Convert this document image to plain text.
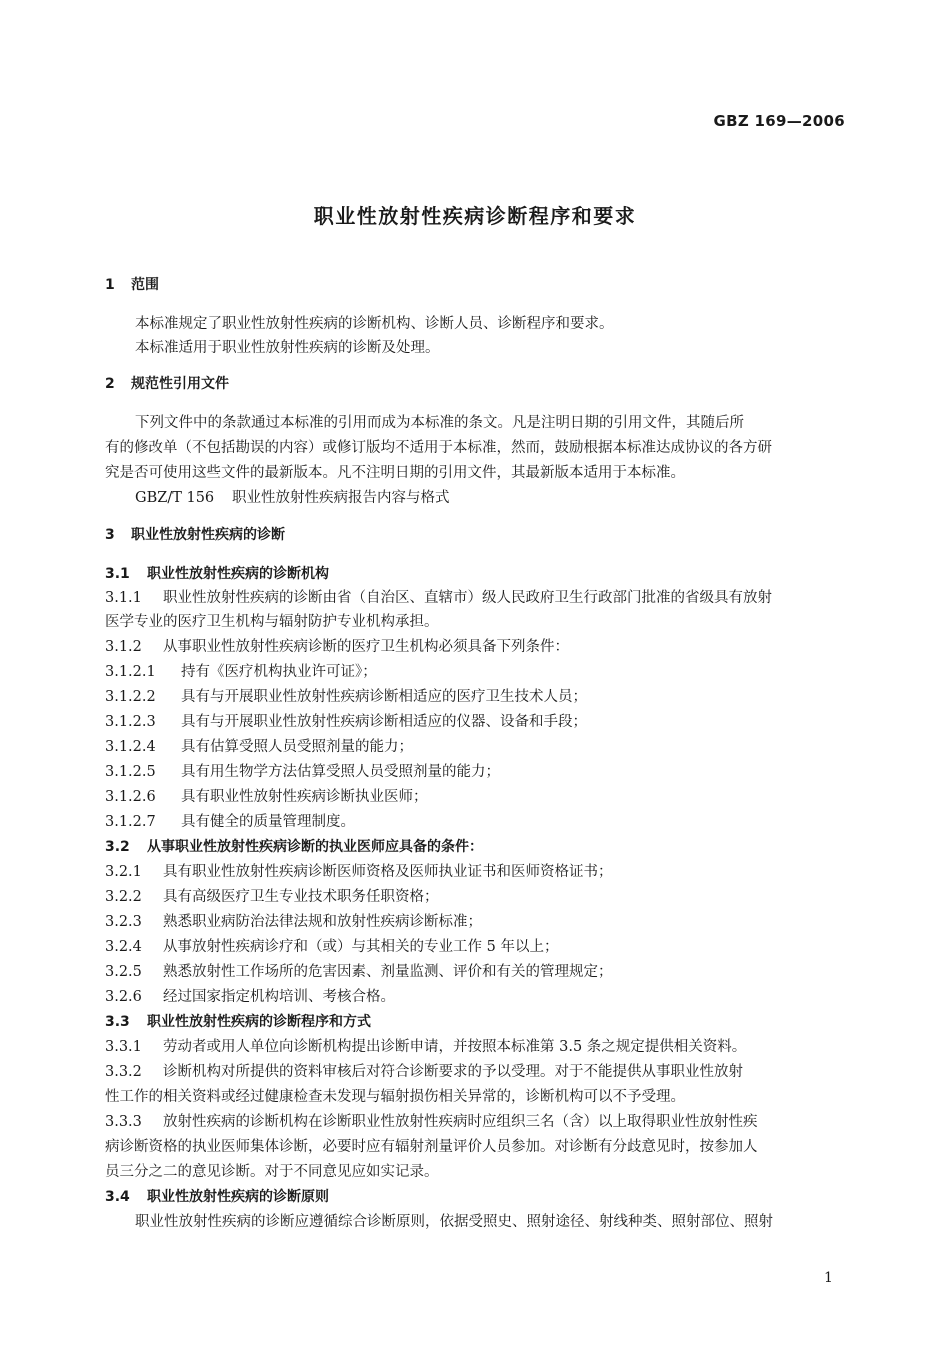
GBZ 169—2006
职业性放射性疾病诊断程序和要求
1 范围
本标准规定了职业性放射性疾病的诊断机构、诊断人员、诊断程序和要求。
本标准适用于职业性放射性疾病的诊断及处理。
2 规范性引用文件
下列文件中的条款通过本标准的引用而成为本标准的条文。凡是注明日期的引用文件，其随后所
有的修改单（不包括勘误的内容）或修订版均不适用于本标准，然而，鼓励根据本标准达成协议的各方研
究是否可使用这些文件的最新版本。凡不注明日期的引用文件，其最新版本适用于本标准。
GBZ/T 156 职业性放射性疾病报告内容与格式
3 职业性放射性疾病的诊断
3.1 职业性放射性疾病的诊断机构
3.1.1 职业性放射性疾病的诊断由省（自治区、直辖市）级人民政府卫生行政部门批准的省级具有放射
医学专业的医疗卫生机构与辐射防护专业机构承担。
3.1.2 从事职业性放射性疾病诊断的医疗卫生机构必须具备下列条件：
3.1.2.1 持有《医疗机构执业许可证》；
3.1.2.2 具有与开展职业性放射性疾病诊断相适应的医疗卫生技术人员；
3.1.2.3 具有与开展职业性放射性疾病诊断相适应的仪器、设备和手段；
3.1.2.4 具有估算受照人员受照剂量的能力；
3.1.2.5 具有用生物学方法估算受照人员受照剂量的能力；
3.1.2.6 具有职业性放射性疾病诊断执业医师；
3.1.2.7 具有健全的质量管理制度。
3.2 从事职业性放射性疾病诊断的执业医师应具备的条件：
3.2.1 具有职业性放射性疾病诊断医师资格及医师执业证书和医师资格证书；
3.2.2 具有高级医疗卫生专业技术职务任职资格；
3.2.3 熟悉职业病防治法律法规和放射性疾病诊断标准；
3.2.4 从事放射性疾病诊疗和（或）与其相关的专业工作 5 年以上；
3.2.5 熟悉放射性工作场所的危害因素、剂量监测、评价和有关的管理规定；
3.2.6 经过国家指定机构培训、考核合格。
3.3 职业性放射性疾病的诊断程序和方式
3.3.1 劳动者或用人单位向诊断机构提出诊断申请，并按照本标准第 3.5 条之规定提供相关资料。
3.3.2 诊断机构对所提供的资料审核后对符合诊断要求的予以受理。对于不能提供从事职业性放射
性工作的相关资料或经过健康检查未发现与辐射损伤相关异常的，诊断机构可以不予受理。
3.3.3 放射性疾病的诊断机构在诊断职业性放射性疾病时应组织三名（含）以上取得职业性放射性疾
病诊断资格的执业医师集体诊断，必要时应有辐射剂量评价人员参加。对诊断有分歧意见时，按参加人
员三分之二的意见诊断。对于不同意见应如实记录。
3.4 职业性放射性疾病的诊断原则
职业性放射性疾病的诊断应遵循综合诊断原则，依据受照史、照射途径、射线种类、照射部位、照射
1
